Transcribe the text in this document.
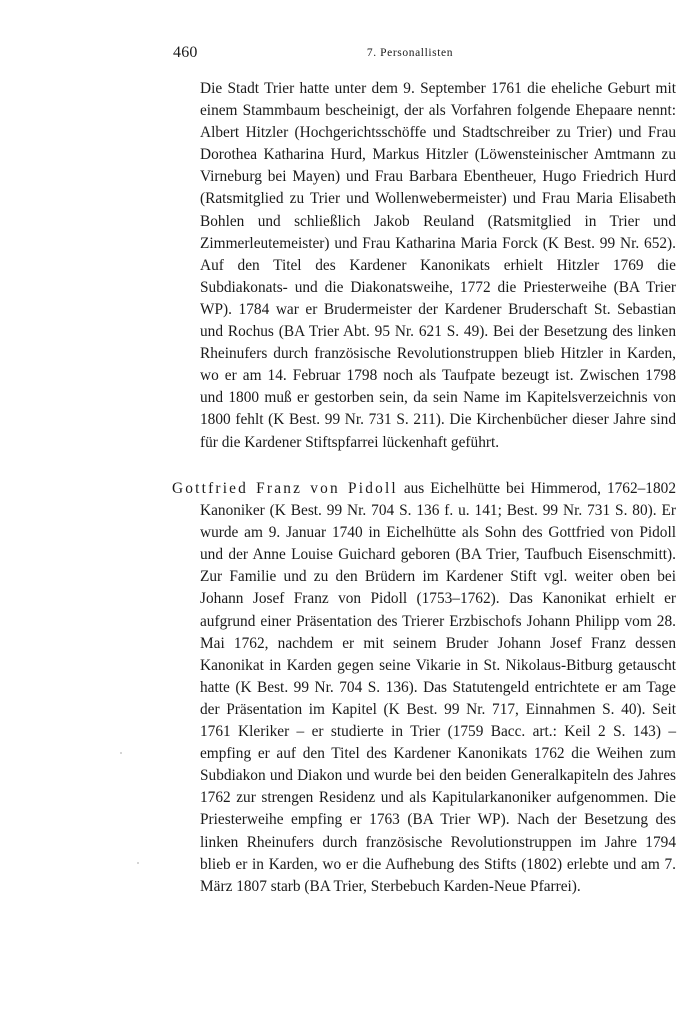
460	7. Personallisten

Die Stadt Trier hatte unter dem 9. September 1761 die eheliche Geburt mit einem Stammbaum bescheinigt, der als Vorfahren folgende Ehepaare nennt: Albert Hitzler (Hochgerichtsschöffe und Stadtschreiber zu Trier) und Frau Dorothea Katharina Hurd, Markus Hitzler (Löwensteinischer Amtmann zu Virneburg bei Mayen) und Frau Barbara Ebentheuer, Hugo Friedrich Hurd (Ratsmitglied zu Trier und Wollenwebermeister) und Frau Maria Elisabeth Bohlen und schließlich Jakob Reuland (Ratsmitglied in Trier und Zimmerleutemeister) und Frau Katharina Maria Forck (K Best. 99 Nr. 652). Auf den Titel des Kardener Kanonikats erhielt Hitzler 1769 die Subdiakonats- und die Diakonatsweihe, 1772 die Priesterweihe (BA Trier WP). 1784 war er Brudermeister der Kardener Bruderschaft St. Sebastian und Rochus (BA Trier Abt. 95 Nr. 621 S. 49). Bei der Besetzung des linken Rheinufers durch französische Revolutionstruppen blieb Hitzler in Karden, wo er am 14. Februar 1798 noch als Taufpate bezeugt ist. Zwischen 1798 und 1800 muß er gestorben sein, da sein Name im Kapitelsverzeichnis von 1800 fehlt (K Best. 99 Nr. 731 S. 211). Die Kirchenbücher dieser Jahre sind für die Kardener Stiftspfarrei lückenhaft geführt.

Gottfried Franz von Pidoll aus Eichelhütte bei Himmerod, 1762–1802 Kanoniker (K Best. 99 Nr. 704 S. 136 f. u. 141; Best. 99 Nr. 731 S. 80). Er wurde am 9. Januar 1740 in Eichelhütte als Sohn des Gottfried von Pidoll und der Anne Louise Guichard geboren (BA Trier, Taufbuch Eisenschmitt). Zur Familie und zu den Brüdern im Kardener Stift vgl. weiter oben bei Johann Josef Franz von Pidoll (1753–1762). Das Kanonikat erhielt er aufgrund einer Präsentation des Trierer Erzbischofs Johann Philipp vom 28. Mai 1762, nachdem er mit seinem Bruder Johann Josef Franz dessen Kanonikat in Karden gegen seine Vikarie in St. Nikolaus-Bitburg getauscht hatte (K Best. 99 Nr. 704 S. 136). Das Statutengeld entrichtete er am Tage der Präsentation im Kapitel (K Best. 99 Nr. 717, Einnahmen S. 40). Seit 1761 Kleriker – er studierte in Trier (1759 Bacc. art.: Keil 2 S. 143) – empfing er auf den Titel des Kardener Kanonikats 1762 die Weihen zum Subdiakon und Diakon und wurde bei den beiden Generalkapiteln des Jahres 1762 zur strengen Residenz und als Kapitularkanoniker aufgenommen. Die Priesterweihe empfing er 1763 (BA Trier WP). Nach der Besetzung des linken Rheinufers durch französische Revolutionstruppen im Jahre 1794 blieb er in Karden, wo er die Aufhebung des Stifts (1802) erlebte und am 7. März 1807 starb (BA Trier, Sterbebuch Karden-Neue Pfarrei).
